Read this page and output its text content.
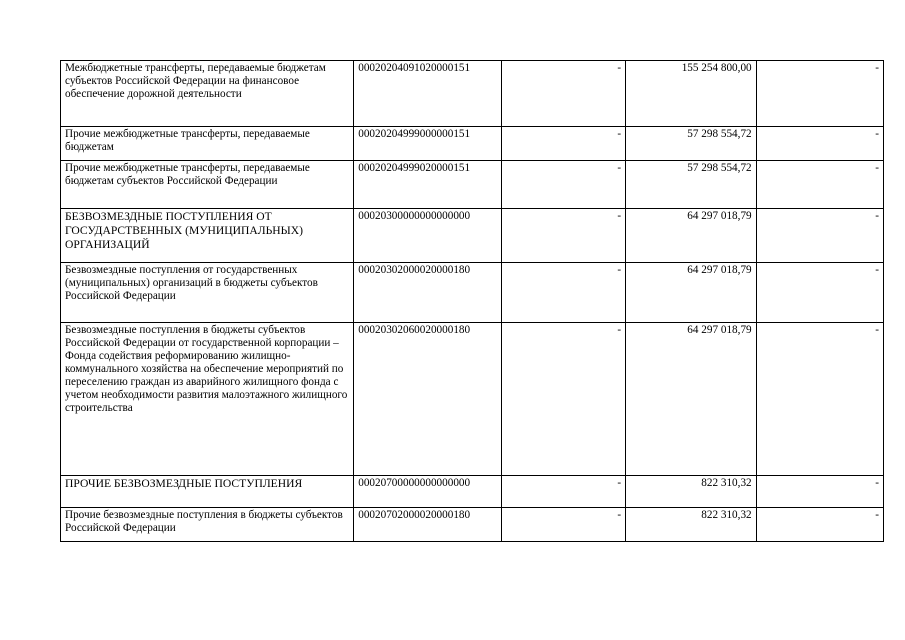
Межбюджетные трансферты, передаваемые бюджетам субъектов Российской Федерации на финансовое обеспечение дорожной деятельности	00020204091020000151	-	155 254 800,00	-
Прочие межбюджетные трансферты, передаваемые бюджетам	00020204999000000151	-	57 298 554,72	-
Прочие межбюджетные трансферты, передаваемые бюджетам субъектов Российской Федерации	00020204999020000151	-	57 298 554,72	-
БЕЗВОЗМЕЗДНЫЕ ПОСТУПЛЕНИЯ ОТ ГОСУДАРСТВЕННЫХ (МУНИЦИПАЛЬНЫХ) ОРГАНИЗАЦИЙ	00020300000000000000	-	64 297 018,79	-
Безвозмездные поступления от государственных (муниципальных) организаций в бюджеты субъектов Российской Федерации	00020302000020000180	-	64 297 018,79	-
Безвозмездные поступления в бюджеты субъектов Российской Федерации от государственной корпорации – Фонда содействия реформированию жилищно-коммунального хозяйства на обеспечение мероприятий по переселению граждан из аварийного жилищного фонда с учетом необходимости развития малоэтажного жилищного строительства	00020302060020000180	-	64 297 018,79	-
ПРОЧИЕ БЕЗВОЗМЕЗДНЫЕ ПОСТУПЛЕНИЯ	00020700000000000000	-	822 310,32	-
Прочие безвозмездные поступления в бюджеты субъектов Российской Федерации	00020702000020000180	-	822 310,32	-
